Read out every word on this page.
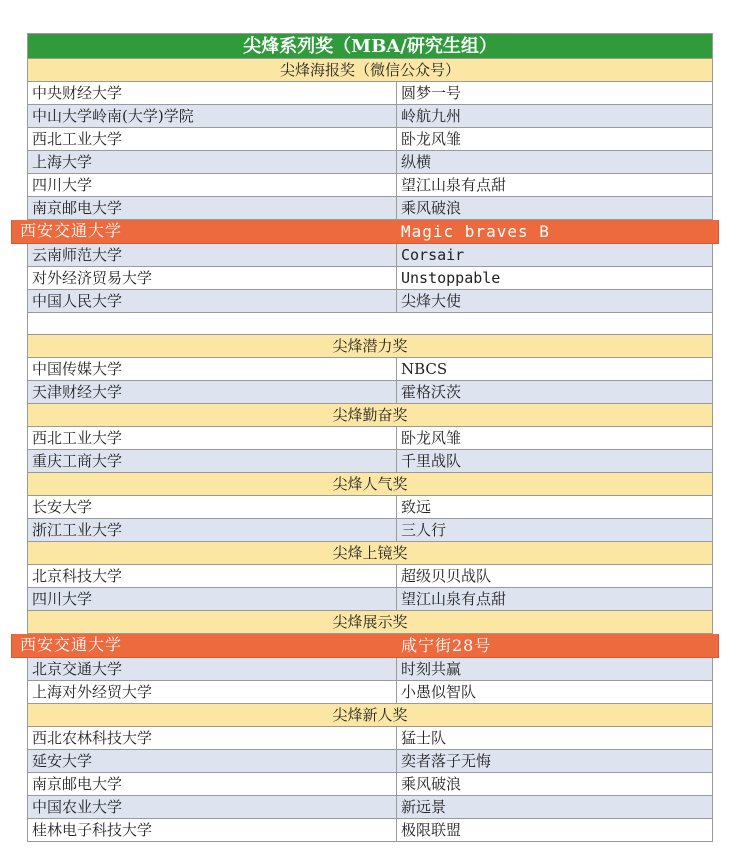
尖烽系列奖（MBA/研究生组）
尖烽海报奖（微信公众号）
中央财经大学	圆梦一号
中山大学岭南(大学)学院	岭航九州
西北工业大学	卧龙风雏
上海大学	纵横
四川大学	望江山泉有点甜
南京邮电大学	乘风破浪
西安交通大学	Magic braves B
云南师范大学	Corsair
对外经济贸易大学	Unstoppable
中国人民大学	尖烽大使
尖烽潜力奖
中国传媒大学	NBCS
天津财经大学	霍格沃茨
尖烽勤奋奖
西北工业大学	卧龙风雏
重庆工商大学	千里战队
尖烽人气奖
长安大学	致远
浙江工业大学	三人行
尖烽上镜奖
北京科技大学	超级贝贝战队
四川大学	望江山泉有点甜
尖烽展示奖
西安交通大学	咸宁街28号
北京交通大学	时刻共赢
上海对外经贸大学	小愚似智队
尖烽新人奖
西北农林科技大学	猛士队
延安大学	奕者落子无悔
南京邮电大学	乘风破浪
中国农业大学	新远景
桂林电子科技大学	极限联盟
